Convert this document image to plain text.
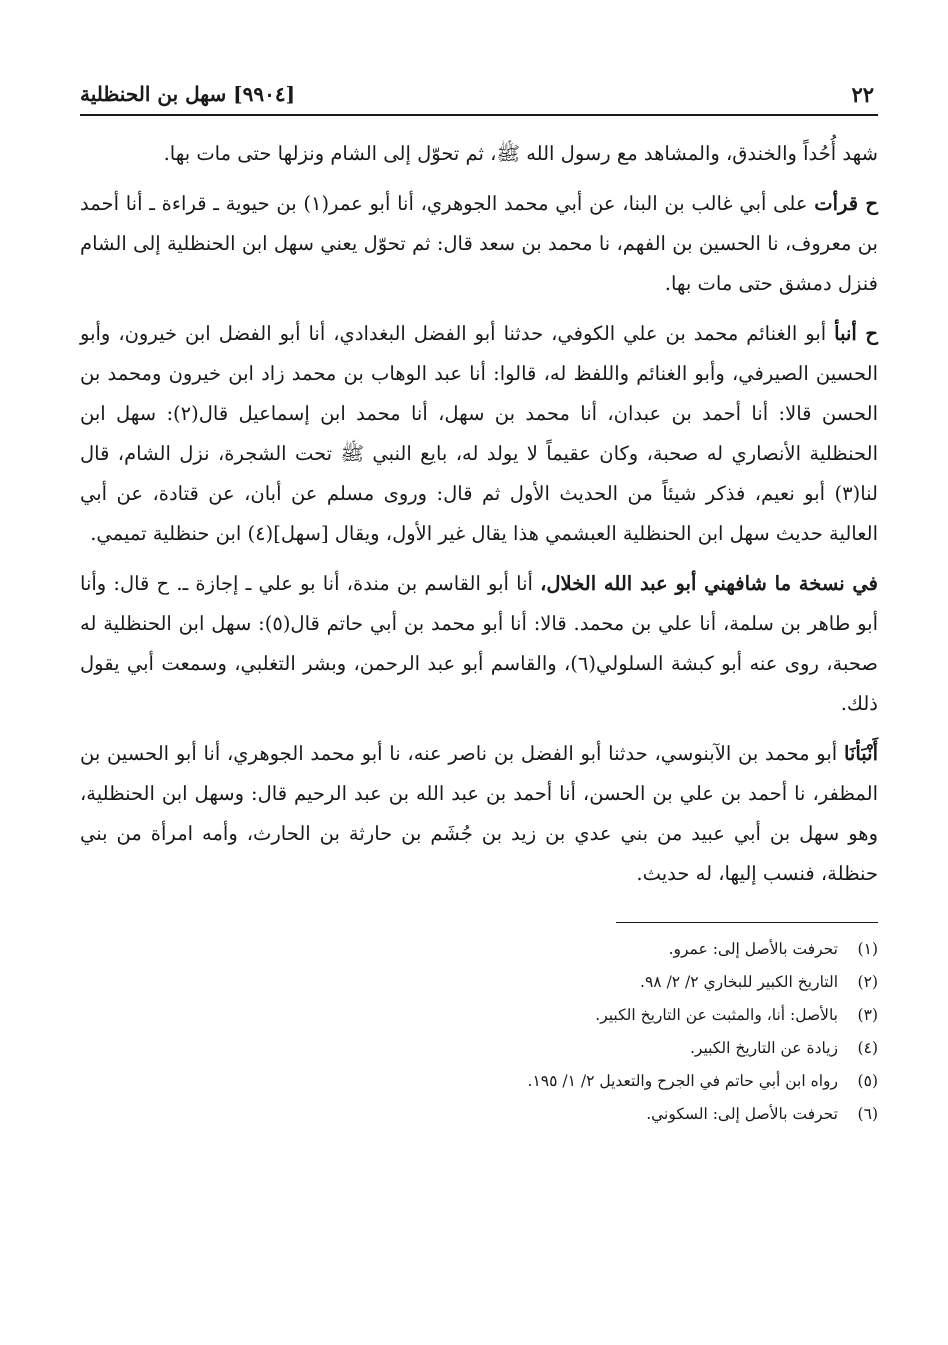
٢٢
[٩٩٠٤] سهل بن الحنظلية

شهد أُحُداً والخندق، والمشاهد مع رسول الله ﷺ، ثم تحوّل إلى الشام ونزلها حتى مات بها.

ح قرأت على أبي غالب بن البنا، عن أبي محمد الجوهري، أنا أبو عمر(١) بن حيوية ـ قراءة ـ أنا أحمد بن معروف، نا الحسين بن الفهم، نا محمد بن سعد قال: ثم تحوّل يعني سهل ابن الحنظلية إلى الشام فنزل دمشق حتى مات بها.

ح أنبأ أبو الغنائم محمد بن علي الكوفي، حدثنا أبو الفضل البغدادي، أنا أبو الفضل ابن خيرون، وأبو الحسين الصيرفي، وأبو الغنائم واللفظ له، قالوا: أنا عبد الوهاب بن محمد زاد ابن خيرون ومحمد بن الحسن قالا: أنا أحمد بن عبدان، أنا محمد بن سهل، أنا محمد ابن إسماعيل قال(٢): سهل ابن الحنظلية الأنصاري له صحبة، وكان عقيماً لا يولد له، بايع النبي ﷺ تحت الشجرة، نزل الشام، قال لنا(٣) أبو نعيم، فذكر شيئاً من الحديث الأول ثم قال: وروى مسلم عن أبان، عن قتادة، عن أبي العالية حديث سهل ابن الحنظلية العبشمي هذا يقال غير الأول، ويقال [سهل](٤) ابن حنظلية تميمي.

في نسخة ما شافهني أبو عبد الله الخلال، أنا أبو القاسم بن مندة، أنا بو علي ـ إجازة ـ. ح قال: وأنا أبو طاهر بن سلمة، أنا علي بن محمد. قالا: أنا أبو محمد بن أبي حاتم قال(٥): سهل ابن الحنظلية له صحبة، روى عنه أبو كبشة السلولي(٦)، والقاسم أبو عبد الرحمن، وبشر التغلبي، وسمعت أبي يقول ذلك.

أَنْبَأنَا أبو محمد بن الآبنوسي، حدثنا أبو الفضل بن ناصر عنه، نا أبو محمد الجوهري، أنا أبو الحسين بن المظفر، نا أحمد بن علي بن الحسن، أنا أحمد بن عبد الله بن عبد الرحيم قال: وسهل ابن الحنظلية، وهو سهل بن أبي عبيد من بني عدي بن زيد بن جُشَم بن حارثة بن الحارث، وأمه امرأة من بني حنظلة، فنسب إليها، له حديث.

(١)
تحرفت بالأصل إلى: عمرو.
(٢)
التاريخ الكبير للبخاري ٢/ ٢/ ٩٨.
(٣)
بالأصل: أنا، والمثبت عن التاريخ الكبير.
(٤)
زيادة عن التاريخ الكبير.
(٥)
رواه ابن أبي حاتم في الجرح والتعديل ٢/ ١/ ١٩٥.
(٦)
تحرفت بالأصل إلى: السكوني.
